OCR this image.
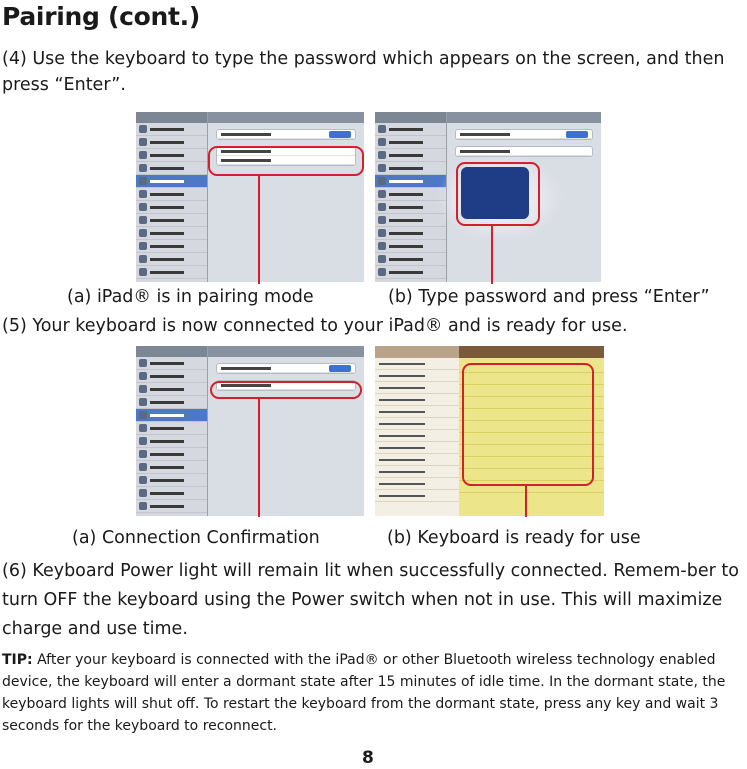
Pairing (cont.)
(4) Use the keyboard to type the password which appears on the screen, and then press “Enter”.
(a) iPad® is in pairing mode	(b) Type password and press “Enter”
(5) Your keyboard is now connected to your iPad® and is ready for use.
(a) Connection Confirmation	(b) Keyboard is ready for use
(6) Keyboard Power light will remain lit when successfully connected. Remem-ber to turn OFF the keyboard using the Power switch when not in use. This will maximize charge and use time.
TIP: After your keyboard is connected with the iPad® or other Bluetooth wireless technology enabled device, the keyboard will enter a dormant state after 15 minutes of idle time. In the dormant state, the keyboard lights will shut off. To restart the keyboard from the dormant state, press any key and wait 3 seconds for the keyboard to reconnect.
8
